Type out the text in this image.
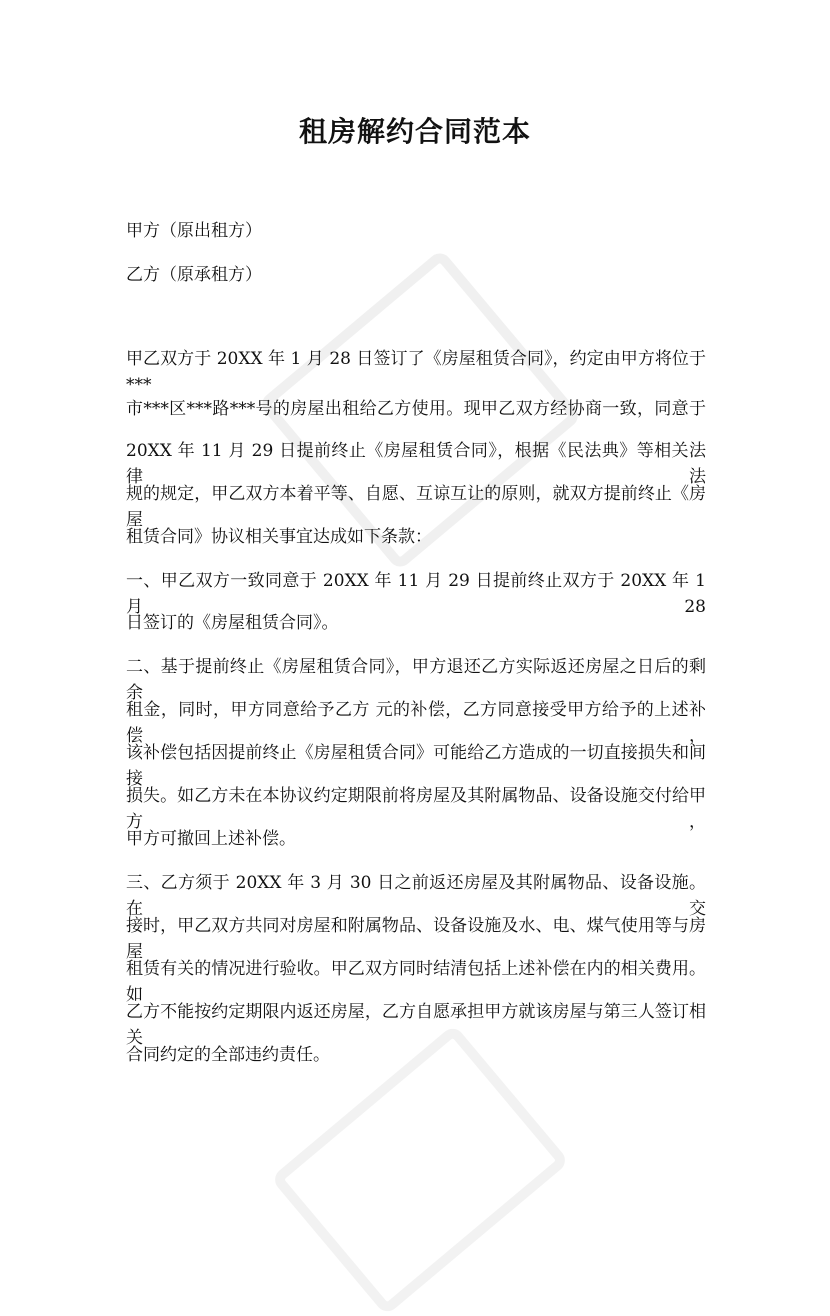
租房解约合同范本
甲方（原出租方）
乙方（原承租方）
甲乙双方于 20XX 年 1 月 28 日签订了《房屋租赁合同》，约定由甲方将位于***
市***区***路***号的房屋出租给乙方使用。现甲乙双方经协商一致，同意于
20XX 年 11 月 29 日提前终止《房屋租赁合同》，根据《民法典》等相关法律法
规的规定，甲乙双方本着平等、自愿、互谅互让的原则，就双方提前终止《房屋
租赁合同》协议相关事宜达成如下条款：
一、甲乙双方一致同意于 20XX 年 11 月 29 日提前终止双方于 20XX 年 1 月 28
日签订的《房屋租赁合同》。
二、基于提前终止《房屋租赁合同》，甲方退还乙方实际返还房屋之日后的剩余
租金，同时，甲方同意给予乙方 元的补偿，乙方同意接受甲方给予的上述补偿，
该补偿包括因提前终止《房屋租赁合同》可能给乙方造成的一切直接损失和间接
损失。如乙方未在本协议约定期限前将房屋及其附属物品、设备设施交付给甲方，
甲方可撤回上述补偿。
三、乙方须于 20XX 年 3 月 30 日之前返还房屋及其附属物品、设备设施。在交
接时，甲乙双方共同对房屋和附属物品、设备设施及水、电、煤气使用等与房屋
租赁有关的情况进行验收。甲乙双方同时结清包括上述补偿在内的相关费用。如
乙方不能按约定期限内返还房屋，乙方自愿承担甲方就该房屋与第三人签订相关
合同约定的全部违约责任。
